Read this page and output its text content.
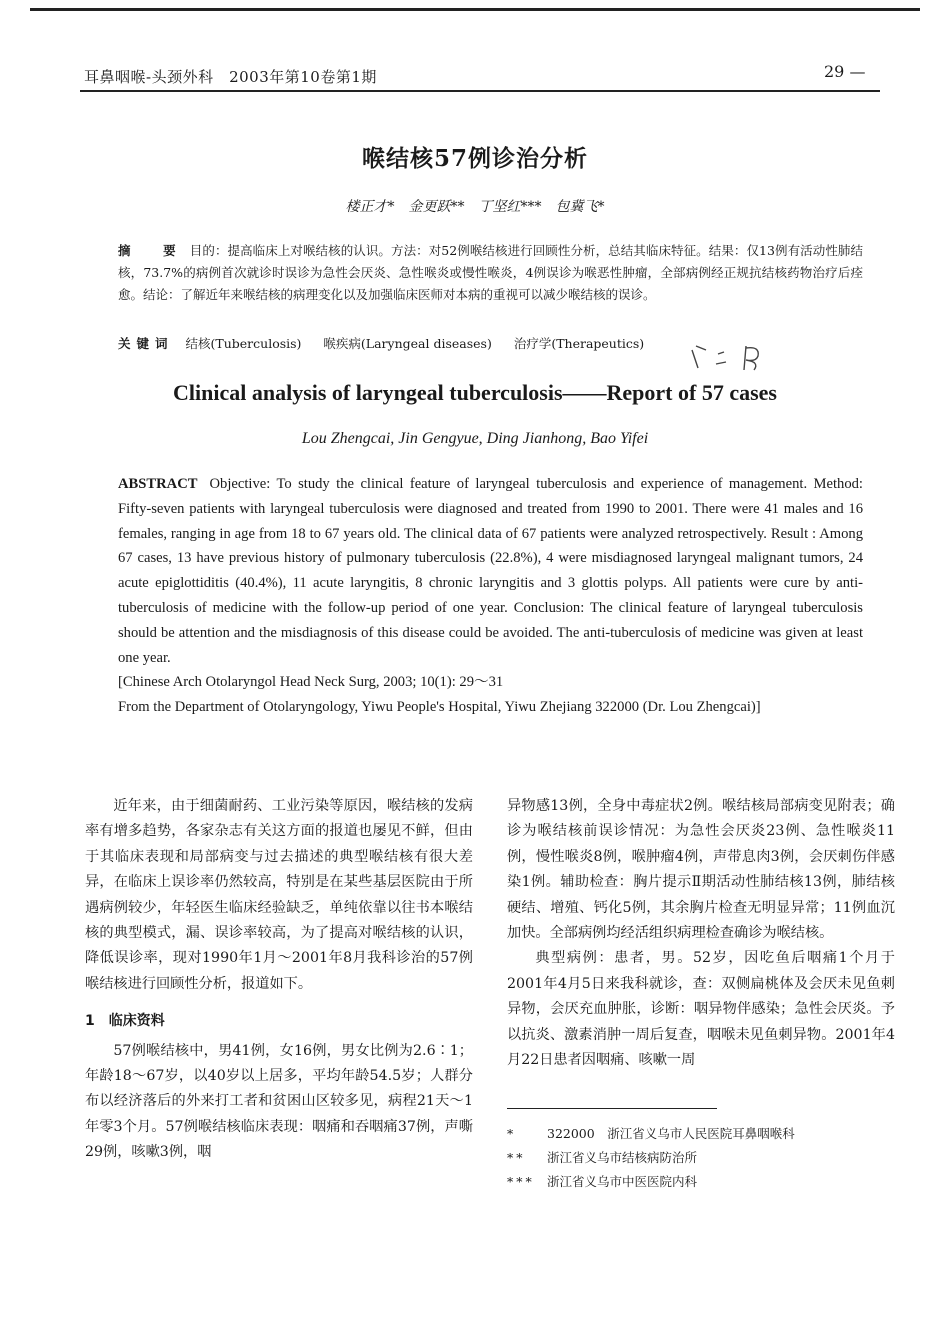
耳鼻咽喉-头颈外科　2003年第10卷第1期	29 —
喉结核57例诊治分析
楼正才*　金更跃**　丁坚红***　包冀飞*
摘　要 目的：提高临床上对喉结核的认识。方法：对52例喉结核进行回顾性分析，总结其临床特征。结果：仅13例有活动性肺结核，73.7%的病例首次就诊时误诊为急性会厌炎、急性喉炎或慢性喉炎，4例误诊为喉恶性肿瘤，全部病例经正规抗结核药物治疗后痊愈。结论：了解近年来喉结核的病理变化以及加强临床医师对本病的重视可以减少喉结核的误诊。
关键词 结核(Tuberculosis) 喉疾病(Laryngeal diseases) 治疗学(Therapeutics)
Clinical analysis of laryngeal tuberculosis——Report of 57 cases
Lou Zhengcai, Jin Gengyue, Ding Jianhong, Bao Yifei
ABSTRACT Objective: To study the clinical feature of laryngeal tuberculosis and experience of management. Method: Fifty-seven patients with laryngeal tuberculosis were diagnosed and treated from 1990 to 2001. There were 41 males and 16 females, ranging in age from 18 to 67 years old. The clinical data of 67 patients were analyzed retrospectively. Result : Among 67 cases, 13 have previous history of pulmonary tuberculosis (22.8%), 4 were misdiagnosed laryngeal malignant tumors, 24 acute epiglottiditis (40.4%), 11 acute laryngitis, 8 chronic laryngitis and 3 glottis polyps. All patients were cure by anti-tuberculosis of medicine with the follow-up period of one year. Conclusion: The clinical feature of laryngeal tuberculosis should be attention and the misdiagnosis of this disease could be avoided. The anti-tuberculosis of medicine was given at least one year.
[Chinese Arch Otolaryngol Head Neck Surg, 2003; 10(1): 29～31
From the Department of Otolaryngology, Yiwu People's Hospital, Yiwu Zhejiang 322000 (Dr. Lou Zhengcai)]
近年来，由于细菌耐药、工业污染等原因，喉结核的发病率有增多趋势，各家杂志有关这方面的报道也屡见不鲜，但由于其临床表现和局部病变与过去描述的典型喉结核有很大差异，在临床上误诊率仍然较高，特别是在某些基层医院由于所遇病例较少，年轻医生临床经验缺乏，单纯依靠以往书本喉结核的典型模式，漏、误诊率较高，为了提高对喉结核的认识，降低误诊率，现对1990年1月～2001年8月我科诊治的57例喉结核进行回顾性分析，报道如下。
1　临床资料
57例喉结核中，男41例，女16例，男女比例为2.6∶1；年龄18～67岁，以40岁以上居多，平均年龄54.5岁；人群分布以经济落后的外来打工者和贫困山区较多见，病程21天～1年零3个月。57例喉结核临床表现：咽痛和吞咽痛37例，声嘶29例，咳嗽3例，咽
异物感13例，全身中毒症状2例。喉结核局部病变见附表；确诊为喉结核前误诊情况：为急性会厌炎23例、急性喉炎11例，慢性喉炎8例，喉肿瘤4例，声带息肉3例，会厌刺伤伴感染1例。辅助检查：胸片提示Ⅱ期活动性肺结核13例，肺结核硬结、增殖、钙化5例，其余胸片检查无明显异常；11例血沉加快。全部病例均经活组织病理检查确诊为喉结核。
典型病例：患者，男。52岁，因吃鱼后咽痛1个月于2001年4月5日来我科就诊，查：双侧扁桃体及会厌未见鱼刺异物，会厌充血肿胀，诊断：咽异物伴感染；急性会厌炎。予以抗炎、激素消肿一周后复查，咽喉未见鱼刺异物。2001年4月22日患者因咽痛、咳嗽一周
* 322000　浙江省义乌市人民医院耳鼻咽喉科
** 浙江省义乌市结核病防治所
*** 浙江省义乌市中医医院内科
